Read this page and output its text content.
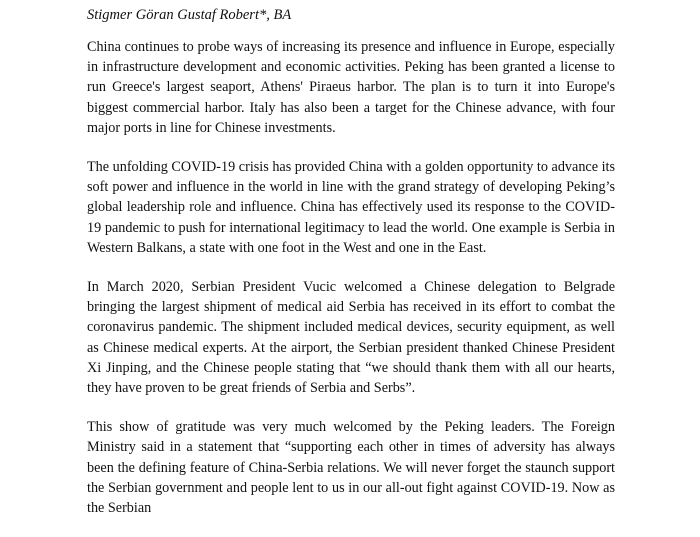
Stigmer Göran Gustaf Robert*, BA

China continues to probe ways of increasing its presence and influence in Europe, especially in infrastructure development and economic activities. Peking has been granted a license to run Greece's largest seaport, Athens' Piraeus harbor. The plan is to turn it into Europe's biggest commercial harbor. Italy has also been a target for the Chinese advance, with four major ports in line for Chinese investments.

The unfolding COVID-19 crisis has provided China with a golden opportunity to advance its soft power and influence in the world in line with the grand strategy of developing Peking’s global leadership role and influence. China has effectively used its response to the COVID-19 pandemic to push for international legitimacy to lead the world. One example is Serbia in Western Balkans, a state with one foot in the West and one in the East.

In March 2020, Serbian President Vucic welcomed a Chinese delegation to Belgrade bringing the largest shipment of medical aid Serbia has received in its effort to combat the coronavirus pandemic. The shipment included medical devices, security equipment, as well as Chinese medical experts. At the airport, the Serbian president thanked Chinese President Xi Jinping, and the Chinese people stating that “we should thank them with all our hearts, they have proven to be great friends of Serbia and Serbs”.

This show of gratitude was very much welcomed by the Peking leaders. The Foreign Ministry said in a statement that “supporting each other in times of adversity has always been the defining feature of China-Serbia relations. We will never forget the staunch support the Serbian government and people lent to us in our all-out fight against COVID-19. Now as the Serbian
